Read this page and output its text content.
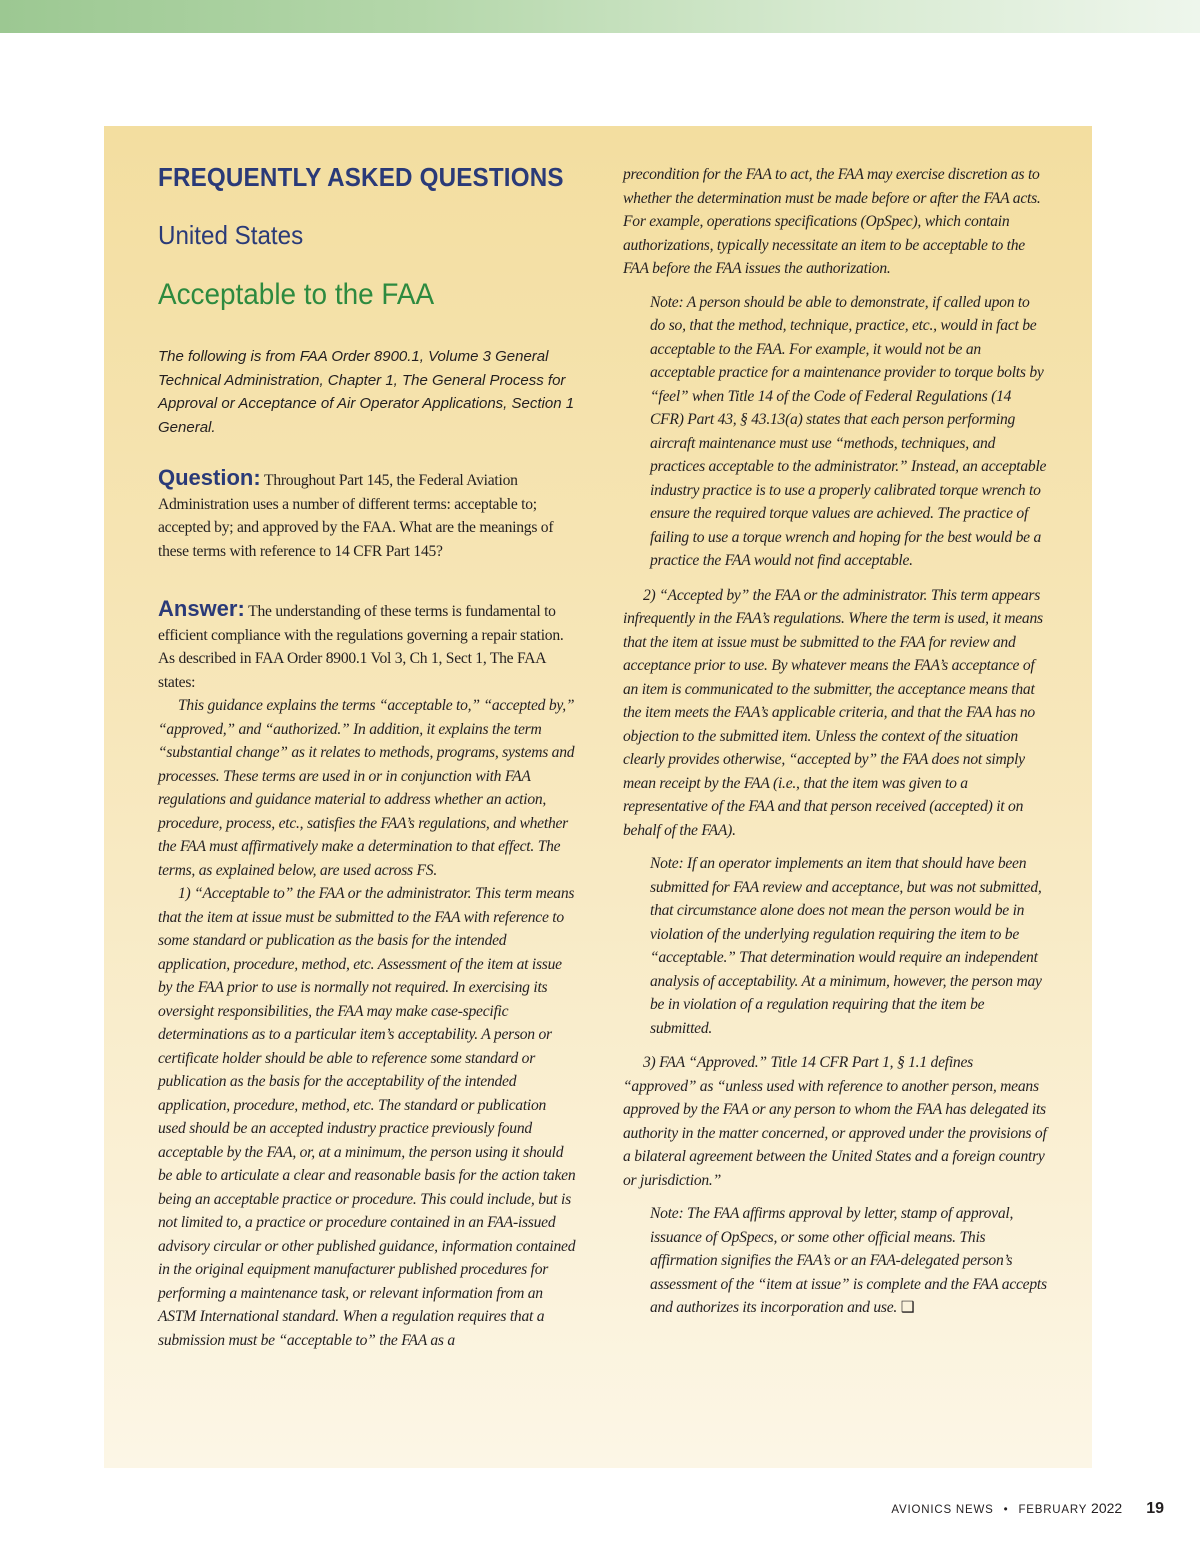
FREQUENTLY ASKED QUESTIONS
United States
Acceptable to the FAA
The following is from FAA Order 8900.1, Volume 3 General Technical Administration, Chapter 1, The General Process for Approval or Acceptance of Air Operator Applications, Section 1 General.
Question: Throughout Part 145, the Federal Aviation Administration uses a number of different terms: acceptable to; accepted by; and approved by the FAA. What are the meanings of these terms with reference to 14 CFR Part 145?
Answer: The understanding of these terms is fundamental to efficient compliance with the regulations governing a repair station. As described in FAA Order 8900.1 Vol 3, Ch 1, Sect 1, The FAA states:

This guidance explains the terms “acceptable to,” “accepted by,” “approved,” and “authorized.” In addition, it explains the term “substantial change” as it relates to methods, programs, systems and processes. These terms are used in or in conjunction with FAA regulations and guidance material to address whether an action, procedure, process, etc., satisfies the FAA’s regulations, and whether the FAA must affirmatively make a determination to that effect. The terms, as explained below, are used across FS.

1) “Acceptable to” the FAA or the administrator. This term means that the item at issue must be submitted to the FAA with reference to some standard or publication as the basis for the intended application, procedure, method, etc. Assessment of the item at issue by the FAA prior to use is normally not required. In exercising its oversight responsibilities, the FAA may make case-specific determinations as to a particular item’s acceptability. A person or certificate holder should be able to reference some standard or publication as the basis for the acceptability of the intended application, procedure, method, etc. The standard or publication used should be an accepted industry practice previously found acceptable by the FAA, or, at a minimum, the person using it should be able to articulate a clear and reasonable basis for the action taken being an acceptable practice or procedure. This could include, but is not limited to, a practice or procedure contained in an FAA-issued advisory circular or other published guidance, information contained in the original equipment manufacturer published procedures for performing a maintenance task, or relevant information from an ASTM International standard. When a regulation requires that a submission must be “acceptable to” the FAA as a

precondition for the FAA to act, the FAA may exercise discretion as to whether the determination must be made before or after the FAA acts. For example, operations specifications (OpSpec), which contain authorizations, typically necessitate an item to be acceptable to the FAA before the FAA issues the authorization.

Note: A person should be able to demonstrate, if called upon to do so, that the method, technique, practice, etc., would in fact be acceptable to the FAA. For example, it would not be an acceptable practice for a maintenance provider to torque bolts by “feel” when Title 14 of the Code of Federal Regulations (14 CFR) Part 43, § 43.13(a) states that each person performing aircraft maintenance must use “methods, techniques, and practices acceptable to the administrator.” Instead, an acceptable industry practice is to use a properly calibrated torque wrench to ensure the required torque values are achieved. The practice of failing to use a torque wrench and hoping for the best would be a practice the FAA would not find acceptable.

2) “Accepted by” the FAA or the administrator. This term appears infrequently in the FAA’s regulations. Where the term is used, it means that the item at issue must be submitted to the FAA for review and acceptance prior to use. By whatever means the FAA’s acceptance of an item is communicated to the submitter, the acceptance means that the item meets the FAA’s applicable criteria, and that the FAA has no objection to the submitted item. Unless the context of the situation clearly provides otherwise, “accepted by” the FAA does not simply mean receipt by the FAA (i.e., that the item was given to a representative of the FAA and that person received (accepted) it on behalf of the FAA).

Note: If an operator implements an item that should have been submitted for FAA review and acceptance, but was not submitted, that circumstance alone does not mean the person would be in violation of the underlying regulation requiring the item to be “acceptable.” That determination would require an independent analysis of acceptability. At a minimum, however, the person may be in violation of a regulation requiring that the item be submitted.

3) FAA “Approved.” Title 14 CFR Part 1, § 1.1 defines “approved” as “unless used with reference to another person, means approved by the FAA or any person to whom the FAA has delegated its authority in the matter concerned, or approved under the provisions of a bilateral agreement between the United States and a foreign country or jurisdiction.”

Note: The FAA affirms approval by letter, stamp of approval, issuance of OpSpecs, or some other official means. This affirmation signifies the FAA’s or an FAA-delegated person’s assessment of the “item at issue” is complete and the FAA accepts and authorizes its incorporation and use. ❑

AVIONICS NEWS • FEBRUARY 2022 19
